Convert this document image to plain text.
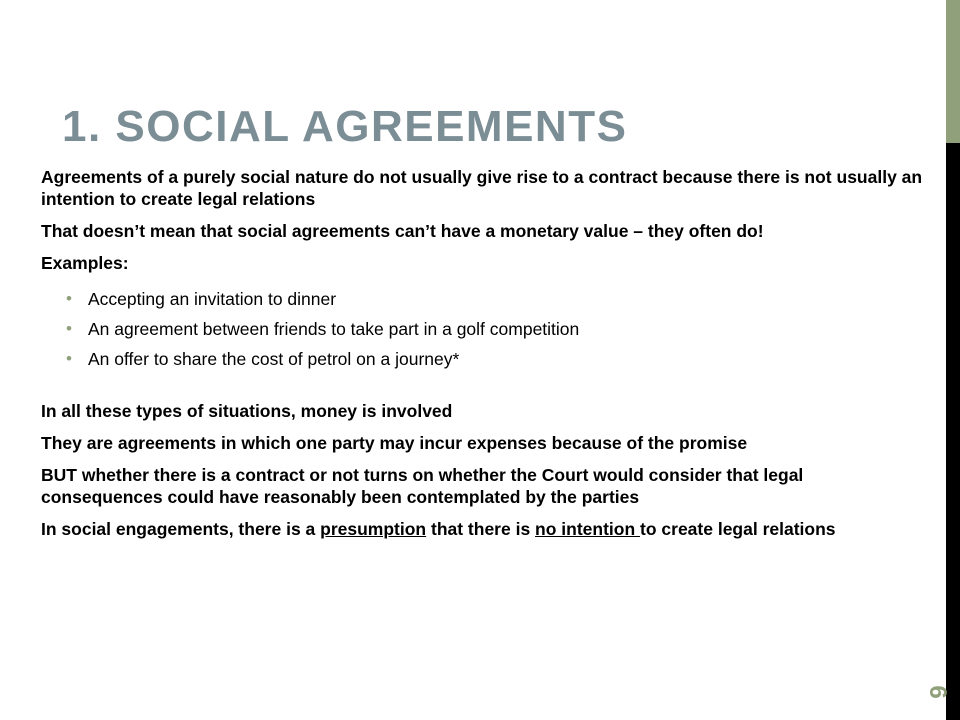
1. SOCIAL AGREEMENTS

Agreements of a purely social nature do not usually give rise to a contract because there is not usually an intention to create legal relations

That doesn’t mean that social agreements can’t have a monetary value – they often do!

Examples:

• Accepting an invitation to dinner
• An agreement between friends to take part in a golf competition
• An offer to share the cost of petrol on a journey*

In all these types of situations, money is involved

They are agreements in which one party may incur expenses because of the promise

BUT whether there is a contract or not turns on whether the Court would consider that legal consequences could have reasonably been contemplated by the parties

In social engagements, there is a presumption that there is no intention to create legal relations

6
